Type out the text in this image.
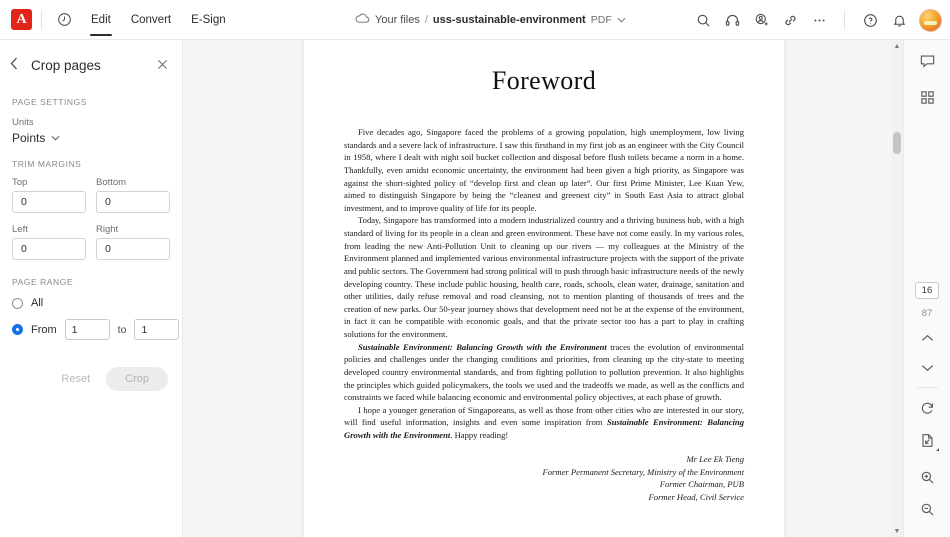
A	Edit	Convert	E-Sign	Your files / uss-sustainable-environment PDF
Crop pages
PAGE SETTINGS
Units
Points
TRIM MARGINS
Top
0	Bottom
0
Left
0	Right
0
PAGE RANGE
All
From
1	to
1
Reset	Crop
Foreword

Five decades ago, Singapore faced the problems of a growing population, high unemployment, low living standards and a severe lack of infrastructure. I saw this firsthand in my first job as an engineer with the City Council in 1958, where I dealt with night soil bucket collection and disposal before flush toilets became a norm in a home. Thankfully, even amidst economic uncertainty, the environment had been given a high priority, as Singapore was against the short-sighted policy of “develop first and clean up later”. Our first Prime Minister, Lee Kuan Yew, aimed to distinguish Singapore by being the “cleanest and greenest city” in South East Asia to attract global investment, and to improve quality of life for its people.

Today, Singapore has transformed into a modern industrialized country and a thriving business hub, with a high standard of living for its people in a clean and green environment. These have not come easily. In my various roles, from leading the new Anti-Pollution Unit to cleaning up our rivers — my colleagues at the Ministry of the Environment planned and implemented various environmental infrastructure projects with the support of the private and public sectors. The Government had strong political will to push through basic infrastructure needs of the newly developing country. These include public housing, health care, roads, schools, clean water, drainage, sanitation and other utilities, daily refuse removal and road cleansing, not to mention planting of thousands of trees and the creation of new parks. Our 50-year journey shows that development need not be at the expense of the environment, in fact it can be compatible with economic goals, and that the private sector too has a part to play in crafting solutions for the environment.

Sustainable Environment: Balancing Growth with the Environment traces the evolution of environmental policies and challenges under the changing conditions and priorities, from cleaning up the city-state to meeting developed country environmental standards, and from fighting pollution to pollution prevention. It also highlights the principles which guided policymakers, the tools we used and the tradeoffs we made, as well as the conflicts and constraints we faced while balancing economic and environmental policy objectives, at each phase of growth.

I hope a younger generation of Singaporeans, as well as those from other cities who are interested in our story, will find useful information, insights and even some inspiration from Sustainable Environment: Balancing Growth with the Environment. Happy reading!

Mr Lee Ek Tieng
Former Permanent Secretary, Ministry of the Environment
Former Chairman, PUB
Former Head, Civil Service

▲
▼
16
87
